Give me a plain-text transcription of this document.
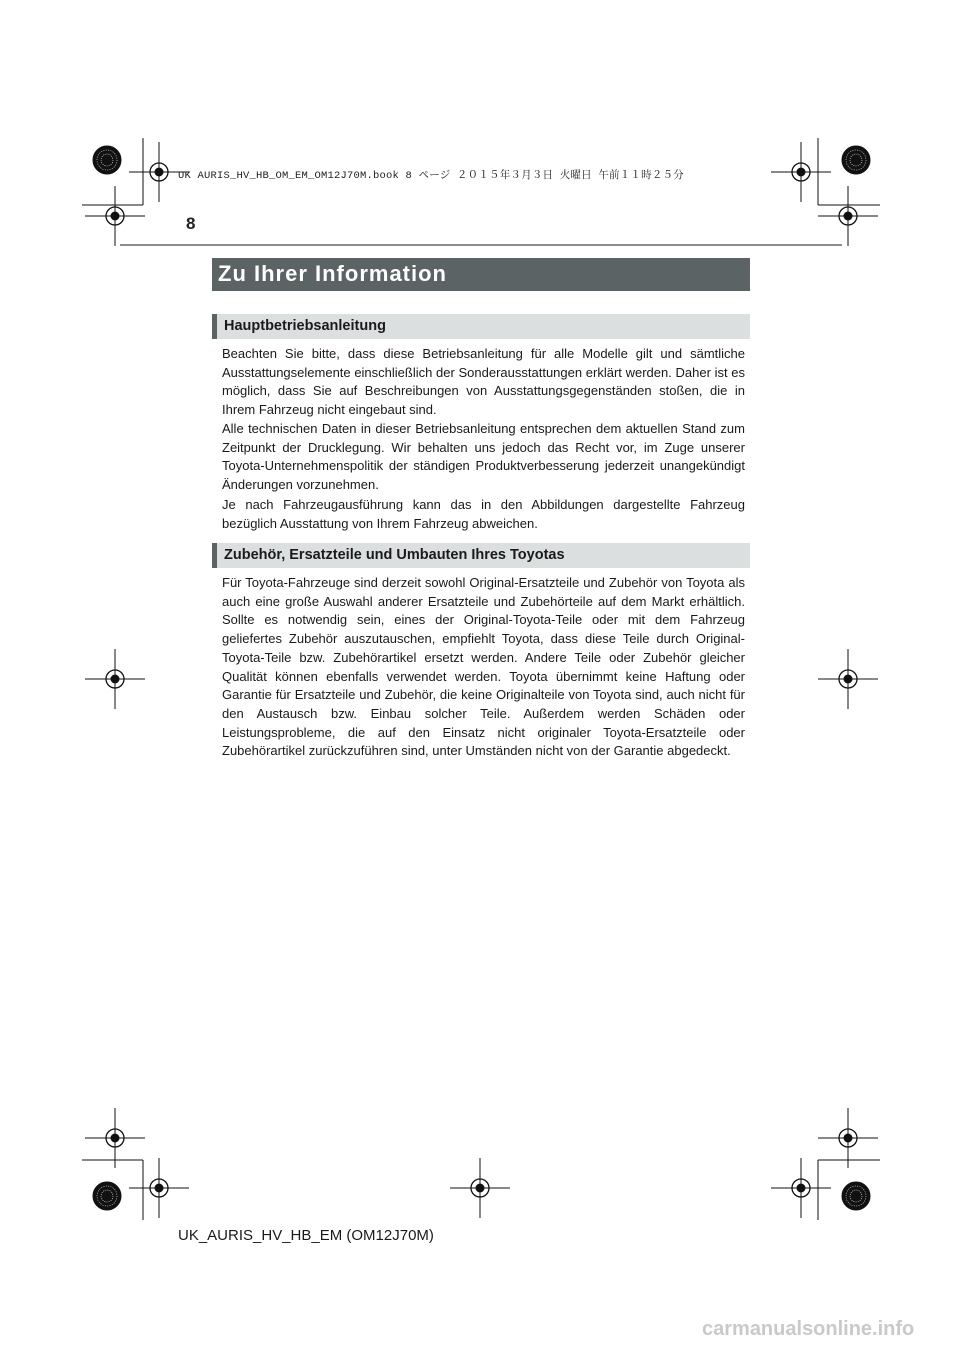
UK AURIS_HV_HB_OM_EM_OM12J70M.book 8 ページ ２０１５年３月３日 火曜日 午前１１時２５分
8
Zu Ihrer Information
Hauptbetriebsanleitung
Beachten Sie bitte, dass diese Betriebsanleitung für alle Modelle gilt und sämtliche Ausstattungselemente einschließlich der Sonderausstattungen erklärt werden. Daher ist es möglich, dass Sie auf Beschreibungen von Ausstattungsgegenständen stoßen, die in Ihrem Fahrzeug nicht eingebaut sind.
Alle technischen Daten in dieser Betriebsanleitung entsprechen dem aktuellen Stand zum Zeitpunkt der Drucklegung. Wir behalten uns jedoch das Recht vor, im Zuge unserer Toyota-Unternehmenspolitik der ständigen Produktverbesserung jederzeit unangekündigt Änderungen vorzunehmen.
Je nach Fahrzeugausführung kann das in den Abbildungen dargestellte Fahrzeug bezüglich Ausstattung von Ihrem Fahrzeug abweichen.
Zubehör, Ersatzteile und Umbauten Ihres Toyotas
Für Toyota-Fahrzeuge sind derzeit sowohl Original-Ersatzteile und Zubehör von Toyota als auch eine große Auswahl anderer Ersatzteile und Zubehörteile auf dem Markt erhältlich. Sollte es notwendig sein, eines der Original-Toyota-Teile oder mit dem Fahrzeug geliefertes Zubehör auszutauschen, empfiehlt Toyota, dass diese Teile durch Original-Toyota-Teile bzw. Zubehörartikel ersetzt werden. Andere Teile oder Zubehör gleicher Qualität können ebenfalls verwendet werden. Toyota übernimmt keine Haftung oder Garantie für Ersatzteile und Zubehör, die keine Originalteile von Toyota sind, auch nicht für den Austausch bzw. Einbau solcher Teile. Außerdem werden Schäden oder Leistungsprobleme, die auf den Einsatz nicht originaler Toyota-Ersatzteile oder Zubehörartikel zurückzuführen sind, unter Umständen nicht von der Garantie abgedeckt.
UK_AURIS_HV_HB_EM (OM12J70M)
carmanualsonline.info
